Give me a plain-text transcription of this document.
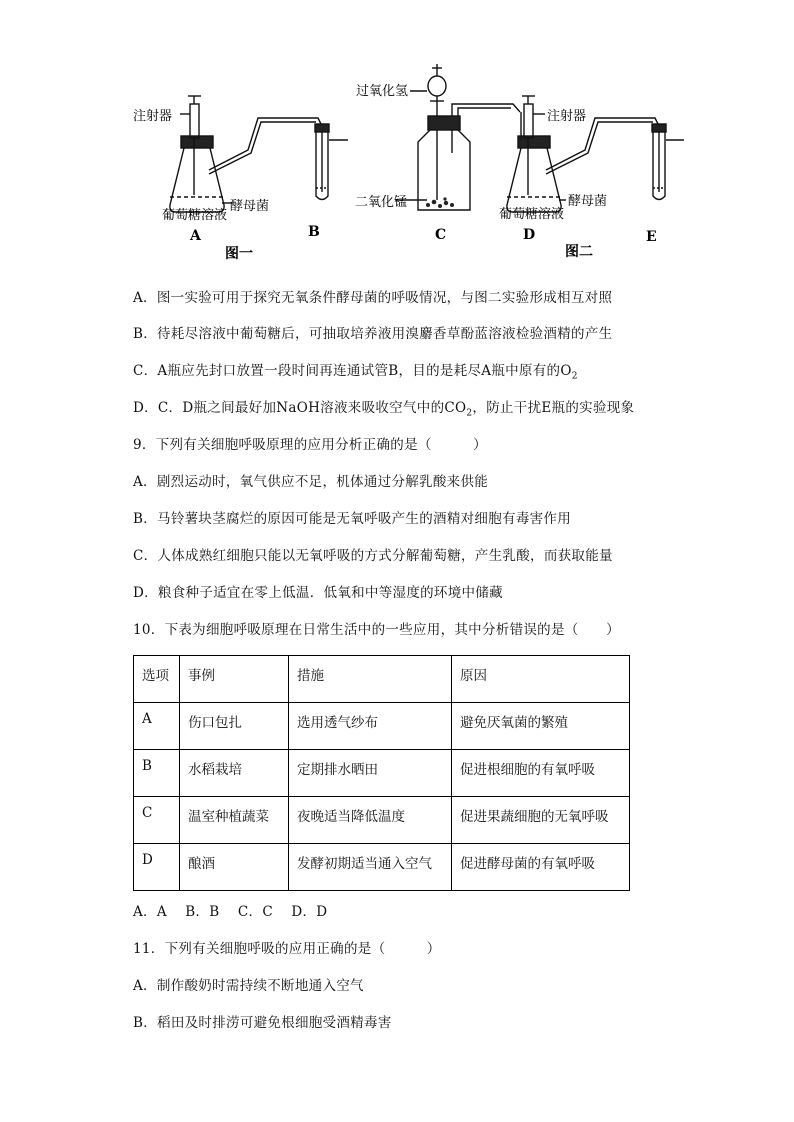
注射器
酵母菌
葡萄糖溶液
A	B
图一
过氧化氢
二氧化锰
C
注射器
酵母菌
葡萄糖溶液
D
图二
E
A．图一实验可用于探究无氧条件酵母菌的呼吸情况，与图二实验形成相互对照
B．待耗尽溶液中葡萄糖后，可抽取培养液用溴麝香草酚蓝溶液检验酒精的产生
C．A瓶应先封口放置一段时间再连通试管B，目的是耗尽A瓶中原有的$O_2$
D．C．D瓶之间最好加NaOH溶液来吸收空气中的$CO_2$，防止干扰E瓶的实验现象
9．下列有关细胞呼吸原理的应用分析正确的是（　　　）
A．剧烈运动时，氧气供应不足，机体通过分解乳酸来供能
B．马铃薯块茎腐烂的原因可能是无氧呼吸产生的酒精对细胞有毒害作用
C．人体成熟红细胞只能以无氧呼吸的方式分解葡萄糖，产生乳酸，而获取能量
D．粮食种子适宜在零上低温．低氧和中等湿度的环境中储藏
10．下表为细胞呼吸原理在日常生活中的一些应用，其中分析错误的是（　　）
选项	事例	措施	原因
A	伤口包扎	选用透气纱布	避免厌氧菌的繁殖
B	水稻栽培	定期排水晒田	促进根细胞的有氧呼吸
C	温室种植蔬菜	夜晚适当降低温度	促进果蔬细胞的无氧呼吸
D	酿酒	发酵初期适当通入空气	促进酵母菌的有氧呼吸
A．A　 B．B　 C．C　 D．D
11．下列有关细胞呼吸的应用正确的是（　　　）
A．制作酸奶时需持续不断地通入空气
B．稻田及时排涝可避免根细胞受酒精毒害
